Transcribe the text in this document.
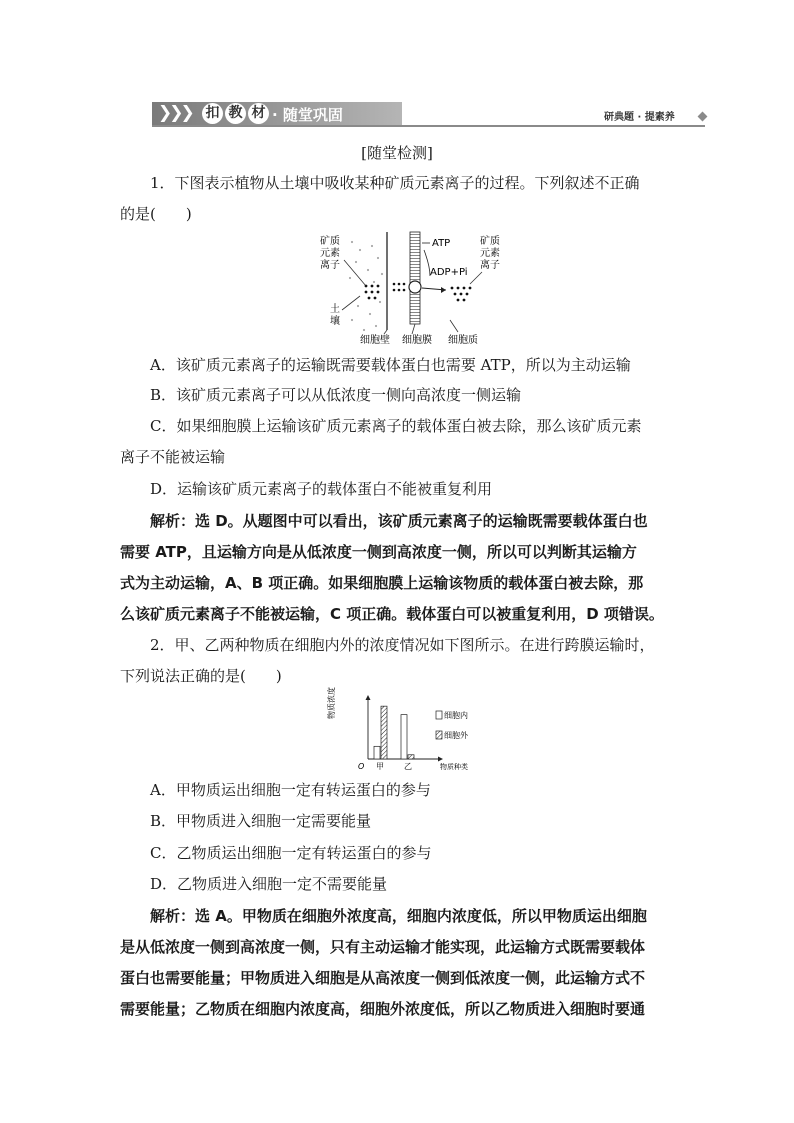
❯❯❯ 扣 教 材 · 随堂巩固	研典题 · 提素养
[随堂检测]
1．下图表示植物从土壤中吸收某种矿质元素离子的过程。下列叙述不正确
的是(　　)
矿质
元素
离子
土
壤
ATP
ADP+Pi
矿质
元素
离子
细胞壁 细胞膜 细胞质
A．该矿质元素离子的运输既需要载体蛋白也需要 ATP，所以为主动运输
B．该矿质元素离子可以从低浓度一侧向高浓度一侧运输
C．如果细胞膜上运输该矿质元素离子的载体蛋白被去除，那么该矿质元素
离子不能被运输
D．运输该矿质元素离子的载体蛋白不能被重复利用
解析：选 D。从题图中可以看出，该矿质元素离子的运输既需要载体蛋白也
需要 ATP，且运输方向是从低浓度一侧到高浓度一侧，所以可以判断其运输方
式为主动运输，A、B 项正确。如果细胞膜上运输该物质的载体蛋白被去除，那
么该矿质元素离子不能被运输，C 项正确。载体蛋白可以被重复利用，D 项错误。
2．甲、乙两种物质在细胞内外的浓度情况如下图所示。在进行跨膜运输时，
下列说法正确的是(　　)
物质浓度
O 甲	乙	物质种类
细胞内
细胞外
A．甲物质运出细胞一定有转运蛋白的参与
B．甲物质进入细胞一定需要能量
C．乙物质运出细胞一定有转运蛋白的参与
D．乙物质进入细胞一定不需要能量
解析：选 A。甲物质在细胞外浓度高，细胞内浓度低，所以甲物质运出细胞
是从低浓度一侧到高浓度一侧，只有主动运输才能实现，此运输方式既需要载体
蛋白也需要能量；甲物质进入细胞是从高浓度一侧到低浓度一侧，此运输方式不
需要能量；乙物质在细胞内浓度高，细胞外浓度低，所以乙物质进入细胞时要通
